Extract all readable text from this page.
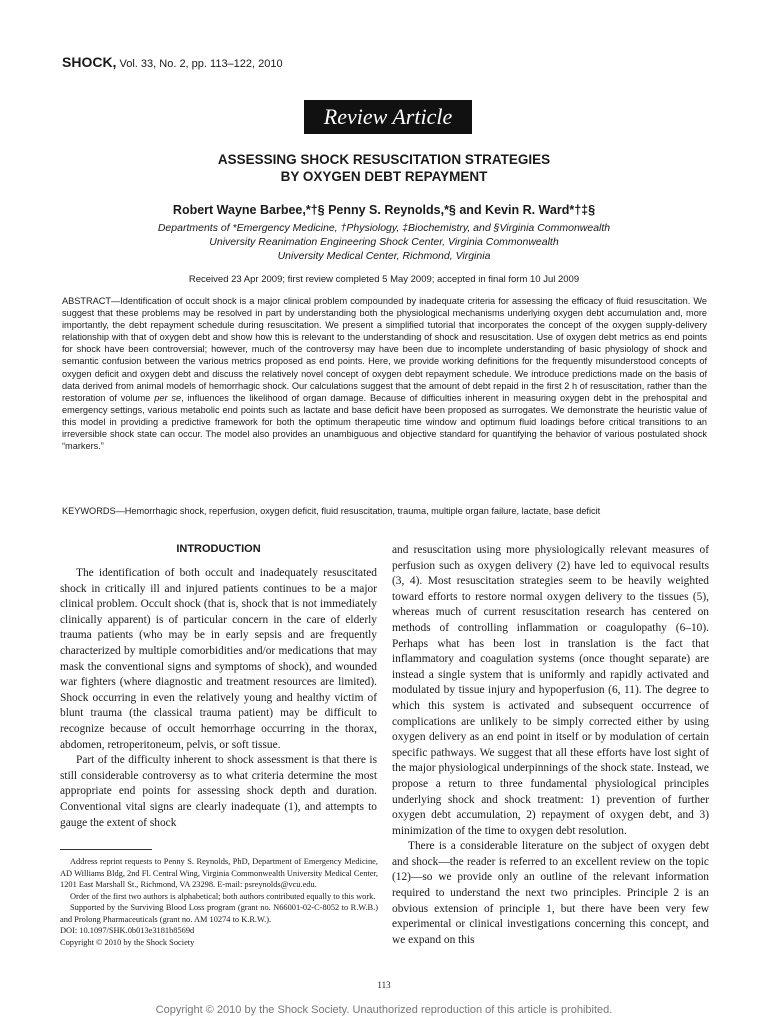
SHOCK, Vol. 33, No. 2, pp. 113–122, 2010
Review Article
ASSESSING SHOCK RESUSCITATION STRATEGIES
BY OXYGEN DEBT REPAYMENT
Robert Wayne Barbee,*†§ Penny S. Reynolds,*§ and Kevin R. Ward*†‡§
Departments of *Emergency Medicine, †Physiology, ‡Biochemistry, and §Virginia Commonwealth
University Reanimation Engineering Shock Center, Virginia Commonwealth
University Medical Center, Richmond, Virginia
Received 23 Apr 2009; first review completed 5 May 2009; accepted in final form 10 Jul 2009

ABSTRACT—Identification of occult shock is a major clinical problem compounded by inadequate criteria for assessing the efficacy of fluid resuscitation. We suggest that these problems may be resolved in part by understanding both the physiological mechanisms underlying oxygen debt accumulation and, more importantly, the debt repayment schedule during resuscitation. We present a simplified tutorial that incorporates the concept of the oxygen supply-delivery relationship with that of oxygen debt and show how this is relevant to the understanding of shock and resuscitation. Use of oxygen debt metrics as end points for shock have been controversial; however, much of the controversy may have been due to incomplete understanding of basic physiology of shock and semantic confusion between the various metrics proposed as end points. Here, we provide working definitions for the frequently misunderstood concepts of oxygen deficit and oxygen debt and discuss the relatively novel concept of oxygen debt repayment schedule. We introduce predictions made on the basis of data derived from animal models of hemorrhagic shock. Our calculations suggest that the amount of debt repaid in the first 2 h of resuscitation, rather than the restoration of volume per se, influences the likelihood of organ damage. Because of difficulties inherent in measuring oxygen debt in the prehospital and emergency settings, various metabolic end points such as lactate and base deficit have been proposed as surrogates. We demonstrate the heuristic value of this model in providing a predictive framework for both the optimum therapeutic time window and optimum fluid loadings before critical transitions to an irreversible shock state can occur. The model also provides an unambiguous and objective standard for quantifying the behavior of various postulated shock “markers.”

KEYWORDS—Hemorrhagic shock, reperfusion, oxygen deficit, fluid resuscitation, trauma, multiple organ failure, lactate, base deficit

INTRODUCTION

The identification of both occult and inadequately resuscitated shock in critically ill and injured patients continues to be a major clinical problem. Occult shock (that is, shock that is not immediately clinically apparent) is of particular concern in the care of elderly trauma patients (who may be in early sepsis and are frequently characterized by multiple comorbidities and/or medications that may mask the conventional signs and symptoms of shock), and wounded war fighters (where diagnostic and treatment resources are limited). Shock occurring in even the relatively young and healthy victim of blunt trauma (the classical trauma patient) may be difficult to recognize because of occult hemorrhage occurring in the thorax, abdomen, retroperitoneum, pelvis, or soft tissue.

Part of the difficulty inherent to shock assessment is that there is still considerable controversy as to what criteria determine the most appropriate end points for assessing shock depth and duration. Conventional vital signs are clearly inadequate (1), and attempts to gauge the extent of shock

and resuscitation using more physiologically relevant measures of perfusion such as oxygen delivery (2) have led to equivocal results (3, 4). Most resuscitation strategies seem to be heavily weighted toward efforts to restore normal oxygen delivery to the tissues (5), whereas much of current resuscitation research has centered on methods of controlling inflammation or coagulopathy (6–10). Perhaps what has been lost in translation is the fact that inflammatory and coagulation systems (once thought separate) are instead a single system that is uniformly and rapidly activated and modulated by tissue injury and hypoperfusion (6, 11). The degree to which this system is activated and subsequent occurrence of complications are unlikely to be simply corrected either by using oxygen delivery as an end point in itself or by modulation of certain specific pathways. We suggest that all these efforts have lost sight of the major physiological underpinnings of the shock state. Instead, we propose a return to three fundamental physiological principles underlying shock and shock treatment: 1) prevention of further oxygen debt accumulation, 2) repayment of oxygen debt, and 3) minimization of the time to oxygen debt resolution.

There is a considerable literature on the subject of oxygen debt and shock—the reader is referred to an excellent review on the topic (12)—so we provide only an outline of the relevant information required to understand the next two principles. Principle 2 is an obvious extension of principle 1, but there have been very few experimental or clinical investigations concerning this concept, and we expand on this

Address reprint requests to Penny S. Reynolds, PhD, Department of Emergency Medicine, AD Williams Bldg, 2nd Fl. Central Wing, Virginia Commonwealth University Medical Center, 1201 East Marshall St., Richmond, VA 23298. E-mail: psreynolds@vcu.edu.

Order of the first two authors is alphabetical; both authors contributed equally to this work.

Supported by the Surviving Blood Loss program (grant no. N66001-02-C-8052 to R.W.B.) and Prolong Pharmaceuticals (grant no. AM 10274 to K.R.W.).

DOI: 10.1097/SHK.0b013e3181b8569d

Copyright © 2010 by the Shock Society

113
Copyright © 2010 by the Shock Society. Unauthorized reproduction of this article is prohibited.
